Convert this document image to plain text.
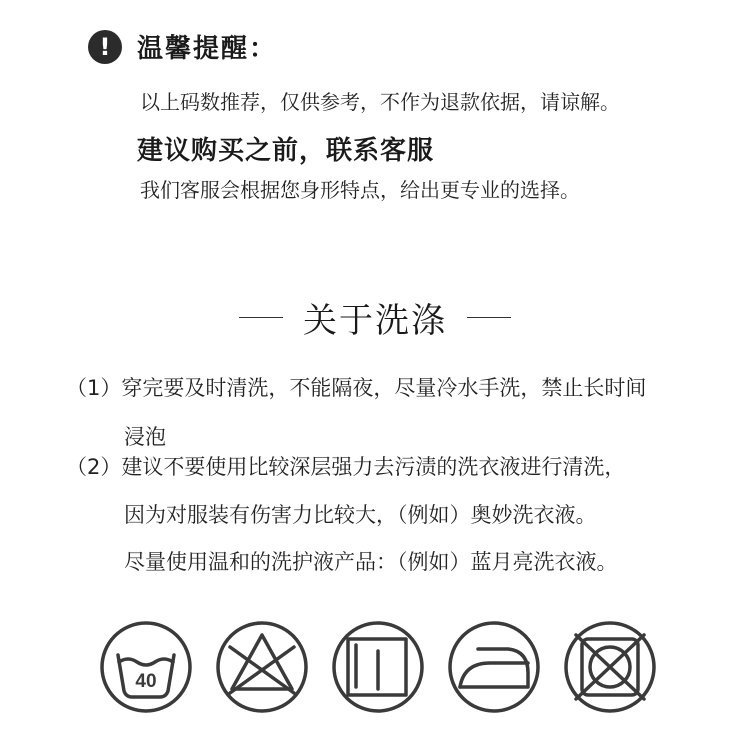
!	温馨提醒：
以上码数推荐，仅供参考，不作为退款依据，请谅解。
建议购买之前，联系客服
我们客服会根据您身形特点，给出更专业的选择。
关于洗涤
（1）穿完要及时清洗，不能隔夜，尽量冷水手洗，禁止长时间
浸泡
（2）建议不要使用比较深层强力去污渍的洗衣液进行清洗，
因为对服装有伤害力比较大，（例如）奥妙洗衣液。
尽量使用温和的洗护液产品：（例如）蓝月亮洗衣液。
40
